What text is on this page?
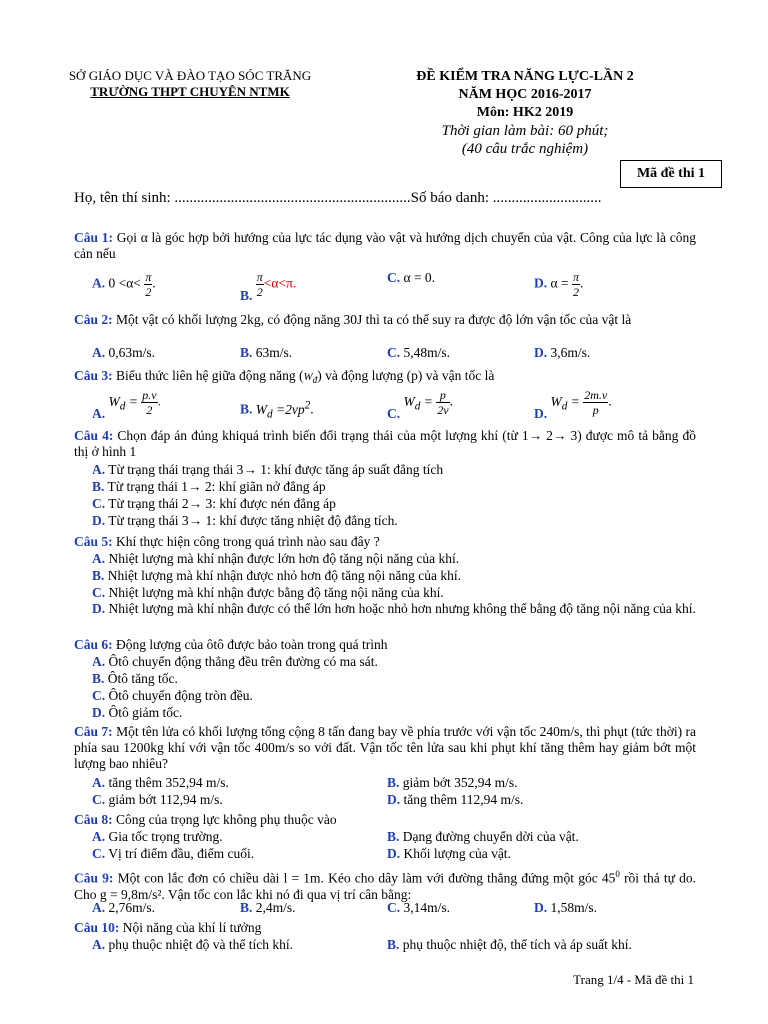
SỞ GIÁO DỤC VÀ ĐÀO TẠO SÓC TRĂNG
TRƯỜNG THPT CHUYÊN NTMK
ĐỀ KIỂM TRA NĂNG LỰC-LẦN 2
NĂM HỌC 2016-2017
Môn: HK2 2019
Thời gian làm bài: 60 phút;
(40 câu trắc nghiệm)
Mã đề thi 1
Họ, tên thí sinh: ...............................................................Số báo danh: .............................
Câu 1: Gọi α là góc hợp bởi hướng của lực tác dụng vào vật và hướng dịch chuyển của vật. Công của lực là công cản nếu
A. $0 <\alpha< \frac{\pi}{2}$ .
B. $\frac{\pi}{2} <\alpha<\pi$.	C. α = 0.	D. $\alpha = \frac{\pi}{2}$ .
Câu 2: Một vật có khối lượng 2kg, có động năng 30J thì ta có thể suy ra được độ lớn vận tốc của vật là
A. 0,63m/s.	B. 63m/s.	C. 5,48m/s.	D. 3,6m/s.
Câu 3: Biểu thức liên hệ giữa động năng $(W_đ)$ và động lượng (p) và vận tốc là
A. $W_d = \frac{p.v}{2}$ .
B. $W_d =2vp^2$.	C. $W_d = \frac{p}{2v}$ .
D. $W_d = \frac{2m.v}{p}$ .
Câu 4: Chọn đáp án đúng khiquá trình biến đổi trạng thái của một lượng khí (từ 1→ 2→ 3) được mô tả bằng đồ thị ở hình 1
A. Từ trạng thái trạng thái 3→ 1: khí được tăng áp suất đẳng tích
B. Từ trạng thái 1→ 2: khí giãn nở đẳng áp
C. Từ trạng thái 2→ 3: khí được nén đẳng áp
D. Từ trạng thái 3→ 1: khí được tăng nhiệt độ đẳng tích.
Câu 5: Khí thực hiện công trong quá trình nào sau đây ?
A. Nhiệt lượng mà khí nhận được lớn hơn độ tăng nội năng của khí.
B. Nhiệt lượng mà khí nhận được nhỏ hơn độ tăng nội năng của khí.
C. Nhiệt lượng mà khí nhận được bằng độ tăng nội năng của khí.
D. Nhiệt lượng mà khí nhận được có thể lớn hơn hoặc nhỏ hơn nhưng không thể bằng độ tăng nội năng của khí.
Câu 6: Động lượng của ôtô được bảo toàn trong quá trình
A. Ôtô chuyển động thẳng đều trên đường có ma sát.
B. Ôtô tăng tốc.
C. Ôtô chuyển động tròn đều.
D. Ôtô giảm tốc.
Câu 7: Một tên lửa có khối lượng tổng cộng 8 tấn đang bay về phía trước với vận tốc 240m/s, thì phụt (tức thời) ra phía sau 1200kg khí với vận tốc 400m/s so với đất. Vận tốc tên lửa sau khi phụt khí tăng thêm hay giảm bớt một lượng bao nhiêu?
A. tăng thêm 352,94 m/s.	B. giảm bớt 352,94 m/s.
C. giảm bớt 112,94 m/s.	D. tăng thêm 112,94 m/s.
Câu 8: Công của trọng lực không phụ thuộc vào
A. Gia tốc trọng trường.	B. Dạng đường chuyển dời của vật.
C. Vị trí điểm đầu, điểm cuối.	D. Khối lượng của vật.
Câu 9: Một con lắc đơn có chiều dài l = 1m. Kéo cho dây làm với đường thẳng đứng một góc $45^0$ rồi thả tự do. Cho g = 9,8m/s². Vận tốc con lắc khi nó đi qua vị trí cân bằng:
A. 2,76m/s.	B. 2,4m/s.	C. 3,14m/s.	D. 1,58m/s.
Câu 10: Nội năng của khí lí tưởng
A. phụ thuộc nhiệt độ và thể tích khí.	B. phụ thuộc nhiệt độ, thể tích và áp suất khí.
Trang 1/4 - Mã đề thi 1
